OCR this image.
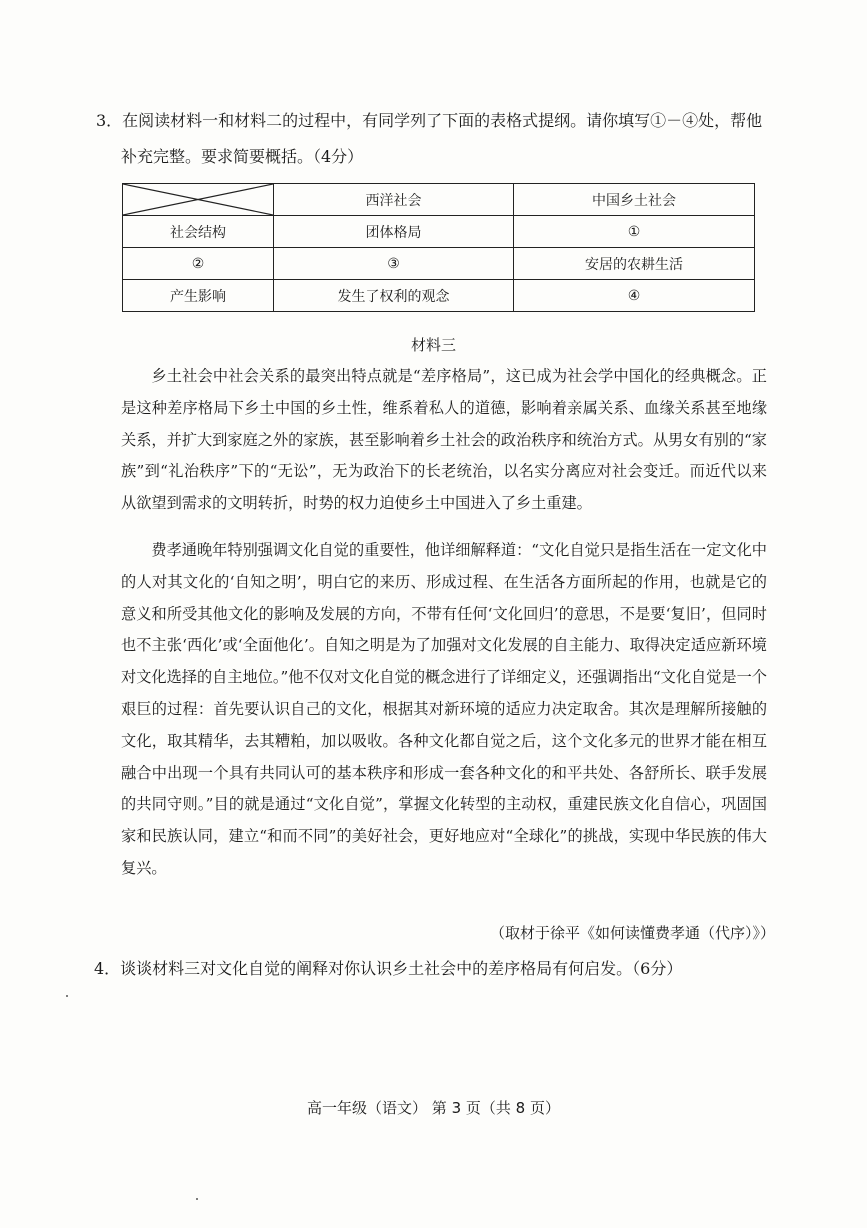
3．在阅读材料一和材料二的过程中，有同学列了下面的表格式提纲。请你填写①－④处，帮他
补充完整。要求简要概括。（4分）
	西洋社会	中国乡土社会
社会结构	团体格局	①
②	③	安居的农耕生活
产生影响	发生了权利的观念	④
材料三

乡土社会中社会关系的最突出特点就是“差序格局”，这已成为社会学中国化的经典概念。正是这种差序格局下乡土中国的乡土性，维系着私人的道德，影响着亲属关系、血缘关系甚至地缘关系，并扩大到家庭之外的家族，甚至影响着乡土社会的政治秩序和统治方式。从男女有别的“家族”到“礼治秩序”下的“无讼”，无为政治下的长老统治，以名实分离应对社会变迁。而近代以来从欲望到需求的文明转折，时势的权力迫使乡土中国进入了乡土重建。

费孝通晚年特别强调文化自觉的重要性，他详细解释道：“文化自觉只是指生活在一定文化中的人对其文化的‘自知之明’，明白它的来历、形成过程、在生活各方面所起的作用，也就是它的意义和所受其他文化的影响及发展的方向，不带有任何‘文化回归’的意思，不是要‘复旧’，但同时也不主张‘西化’或‘全面他化’。自知之明是为了加强对文化发展的自主能力、取得决定适应新环境对文化选择的自主地位。”他不仅对文化自觉的概念进行了详细定义，还强调指出“文化自觉是一个艰巨的过程：首先要认识自己的文化，根据其对新环境的适应力决定取舍。其次是理解所接触的文化，取其精华，去其糟粕，加以吸收。各种文化都自觉之后，这个文化多元的世界才能在相互融合中出现一个具有共同认可的基本秩序和形成一套各种文化的和平共处、各舒所长、联手发展的共同守则。”目的就是通过“文化自觉”，掌握文化转型的主动权，重建民族文化自信心，巩固国家和民族认同，建立“和而不同”的美好社会，更好地应对“全球化”的挑战，实现中华民族的伟大复兴。

（取材于徐平《如何读懂费孝通（代序）》）
4．谈谈材料三对文化自觉的阐释对你认识乡土社会中的差序格局有何启发。（6分）
高一年级（语文） 第 3 页（共 8 页）
